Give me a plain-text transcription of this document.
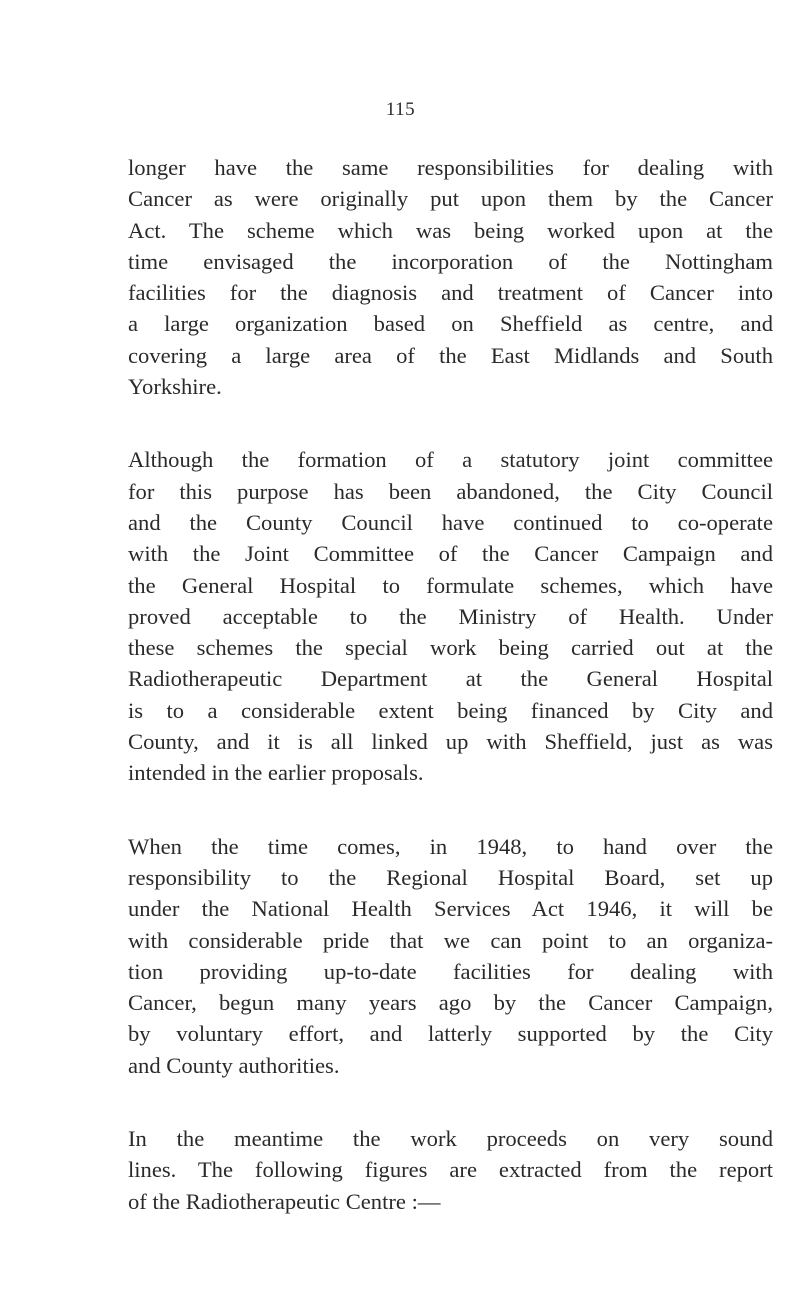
115

longer have the same responsibilities for dealing with
Cancer as were originally put upon them by the Cancer
Act. The scheme which was being worked upon at the
time envisaged the incorporation of the Nottingham
facilities for the diagnosis and treatment of Cancer into
a large organization based on Sheffield as centre, and
covering a large area of the East Midlands and South
Yorkshire.

Although the formation of a statutory joint committee
for this purpose has been abandoned, the City Council
and the County Council have continued to co-operate
with the Joint Committee of the Cancer Campaign and
the General Hospital to formulate schemes, which have
proved acceptable to the Ministry of Health. Under
these schemes the special work being carried out at the
Radiotherapeutic Department at the General Hospital
is to a considerable extent being financed by City and
County, and it is all linked up with Sheffield, just as was
intended in the earlier proposals.

When the time comes, in 1948, to hand over the
responsibility to the Regional Hospital Board, set up
under the National Health Services Act 1946, it will be
with considerable pride that we can point to an organiza-
tion providing up-to-date facilities for dealing with
Cancer, begun many years ago by the Cancer Campaign,
by voluntary effort, and latterly supported by the City
and County authorities.

In the meantime the work proceeds on very sound
lines. The following figures are extracted from the report
of the Radiotherapeutic Centre :—
